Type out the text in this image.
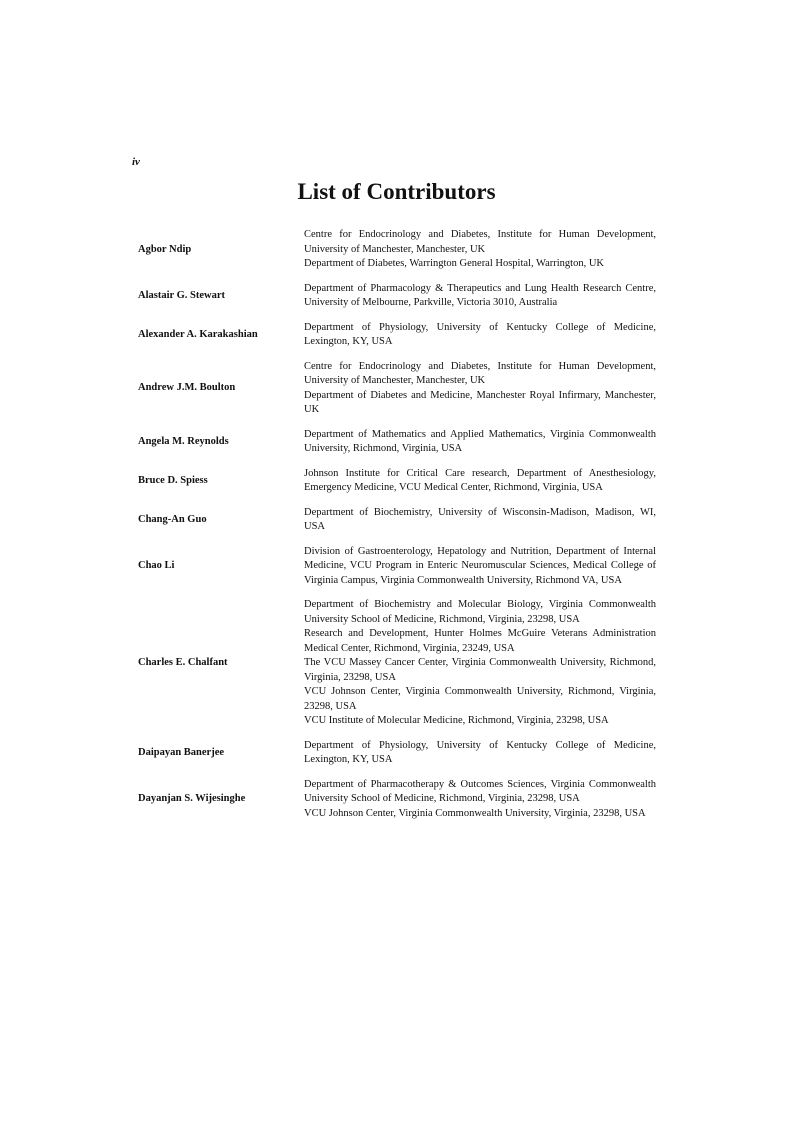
iv
List of Contributors
Agbor Ndip
Centre for Endocrinology and Diabetes, Institute for Human Development, University of Manchester, Manchester, UK
Department of Diabetes, Warrington General Hospital, Warrington, UK
Alastair G. Stewart
Department of Pharmacology & Therapeutics and Lung Health Research Centre, University of Melbourne, Parkville, Victoria 3010, Australia
Alexander A. Karakashian
Department of Physiology, University of Kentucky College of Medicine, Lexington, KY, USA
Andrew J.M. Boulton
Centre for Endocrinology and Diabetes, Institute for Human Development, University of Manchester, Manchester, UK
Department of Diabetes and Medicine, Manchester Royal Infirmary, Manchester, UK
Angela M. Reynolds
Department of Mathematics and Applied Mathematics, Virginia Commonwealth University, Richmond, Virginia, USA
Bruce D. Spiess
Johnson Institute for Critical Care research, Department of Anesthesiology, Emergency Medicine, VCU Medical Center, Richmond, Virginia, USA
Chang-An Guo
Department of Biochemistry, University of Wisconsin-Madison, Madison, WI, USA
Chao Li
Division of Gastroenterology, Hepatology and Nutrition, Department of Internal Medicine, VCU Program in Enteric Neuromuscular Sciences, Medical College of Virginia Campus, Virginia Commonwealth University, Richmond VA, USA
Charles E. Chalfant
Department of Biochemistry and Molecular Biology, Virginia Commonwealth University School of Medicine, Richmond, Virginia, 23298, USA
Research and Development, Hunter Holmes McGuire Veterans Administration Medical Center, Richmond, Virginia, 23249, USA
The VCU Massey Cancer Center, Virginia Commonwealth University, Richmond, Virginia, 23298, USA
VCU Johnson Center, Virginia Commonwealth University, Richmond, Virginia, 23298, USA
VCU Institute of Molecular Medicine, Richmond, Virginia, 23298, USA
Daipayan Banerjee
Department of Physiology, University of Kentucky College of Medicine, Lexington, KY, USA
Dayanjan S. Wijesinghe
Department of Pharmacotherapy & Outcomes Sciences, Virginia Commonwealth University School of Medicine, Richmond, Virginia, 23298, USA
VCU Johnson Center, Virginia Commonwealth University, Virginia, 23298, USA
